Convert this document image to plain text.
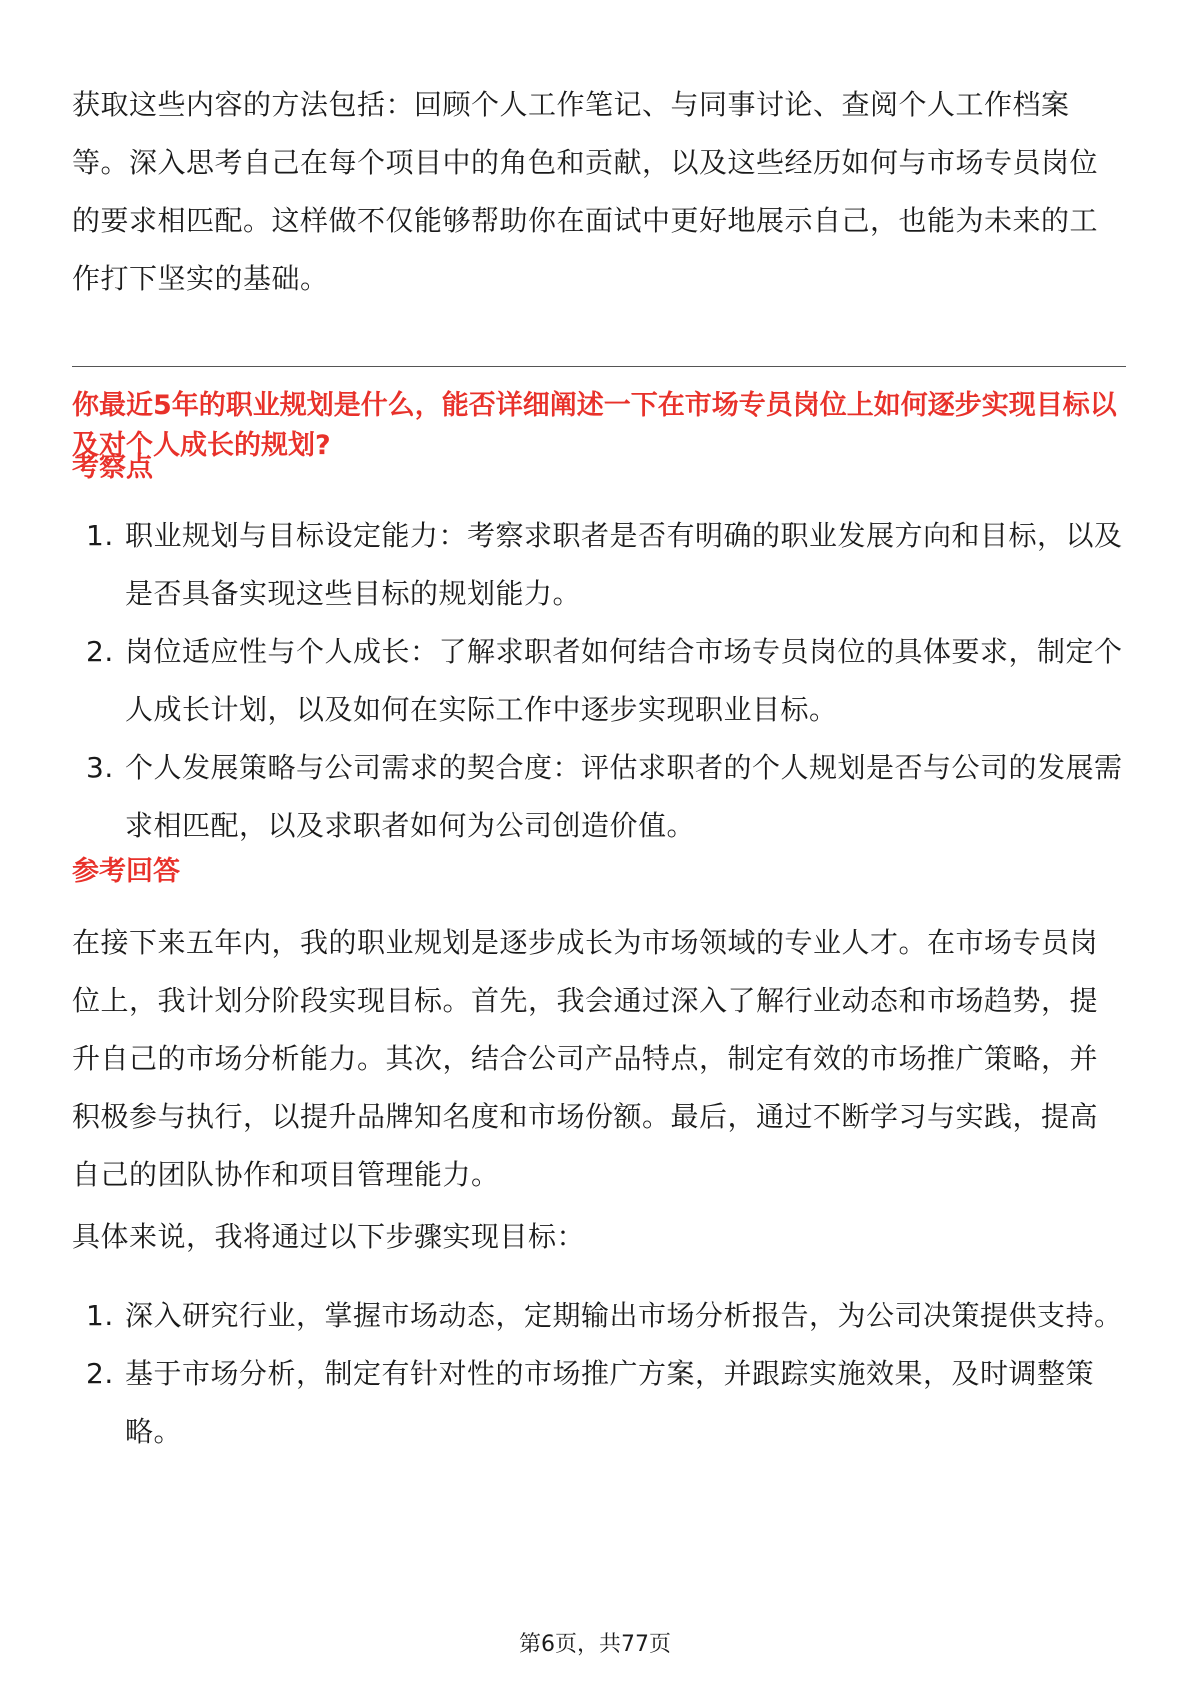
获取这些内容的方法包括：回顾个人工作笔记、与同事讨论、查阅个人工作档案等。深入思考自己在每个项目中的角色和贡献，以及这些经历如何与市场专员岗位的要求相匹配。这样做不仅能够帮助你在面试中更好地展示自己，也能为未来的工作打下坚实的基础。

你最近5年的职业规划是什么，能否详细阐述一下在市场专员岗位上如何逐步实现目标以及对个人成长的规划?

考察点

1. 职业规划与目标设定能力：考察求职者是否有明确的职业发展方向和目标，以及是否具备实现这些目标的规划能力。
2. 岗位适应性与个人成长：了解求职者如何结合市场专员岗位的具体要求，制定个人成长计划，以及如何在实际工作中逐步实现职业目标。
3. 个人发展策略与公司需求的契合度：评估求职者的个人规划是否与公司的发展需求相匹配，以及求职者如何为公司创造价值。

参考回答

在接下来五年内，我的职业规划是逐步成长为市场领域的专业人才。在市场专员岗位上，我计划分阶段实现目标。首先，我会通过深入了解行业动态和市场趋势，提升自己的市场分析能力。其次，结合公司产品特点，制定有效的市场推广策略，并积极参与执行，以提升品牌知名度和市场份额。最后，通过不断学习与实践，提高自己的团队协作和项目管理能力。

具体来说，我将通过以下步骤实现目标：

1. 深入研究行业，掌握市场动态，定期输出市场分析报告，为公司决策提供支持。
2. 基于市场分析，制定有针对性的市场推广方案，并跟踪实施效果，及时调整策略。
第6页，共77页
